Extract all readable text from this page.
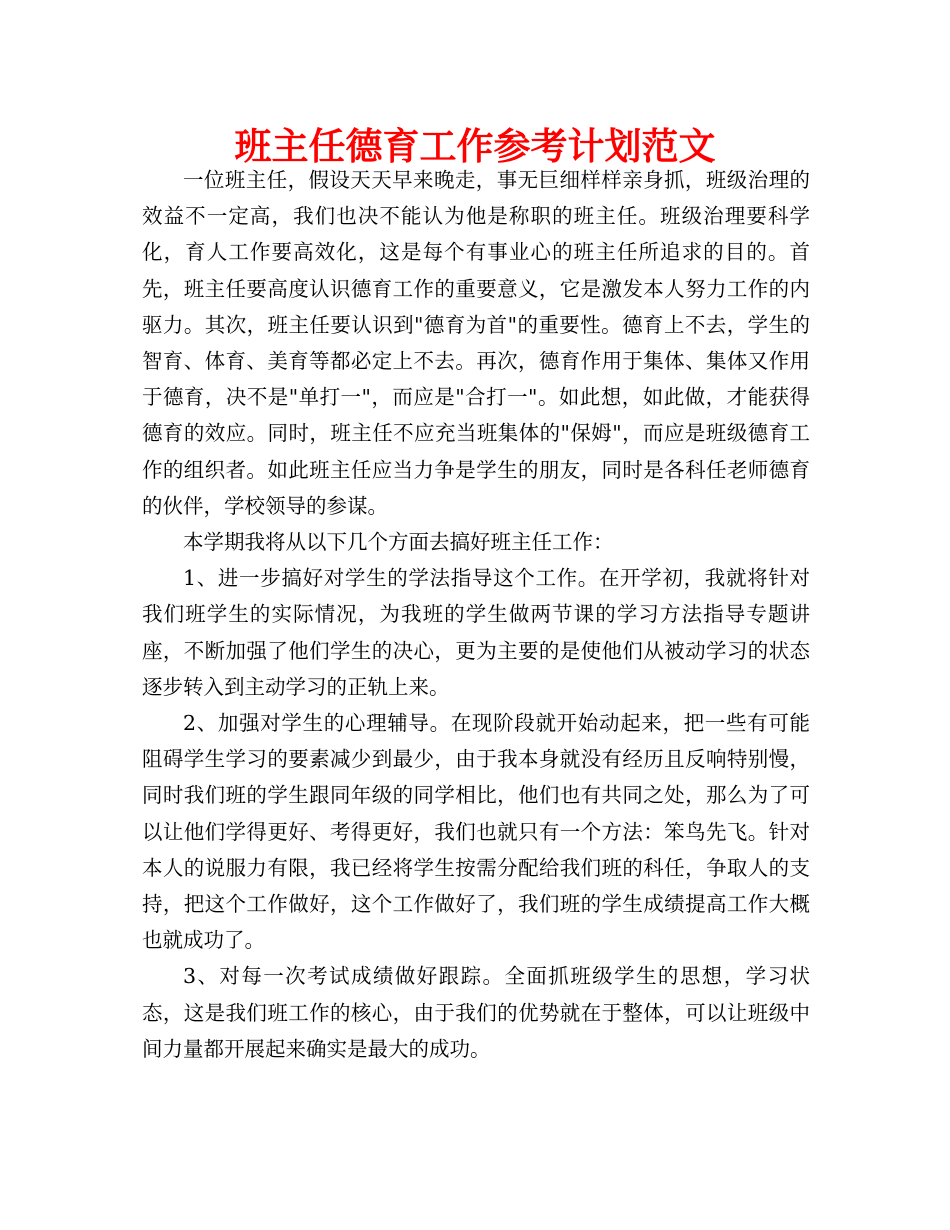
班主任德育工作参考计划范文

一位班主任，假设天天早来晚走，事无巨细样样亲身抓，班级治理的效益不一定高，我们也决不能认为他是称职的班主任。班级治理要科学化，育人工作要高效化，这是每个有事业心的班主任所追求的目的。首先，班主任要高度认识德育工作的重要意义，它是激发本人努力工作的内驱力。其次，班主任要认识到"德育为首"的重要性。德育上不去，学生的智育、体育、美育等都必定上不去。再次，德育作用于集体、集体又作用于德育，决不是"单打一"，而应是"合打一"。如此想，如此做，才能获得德育的效应。同时，班主任不应充当班集体的"保姆"，而应是班级德育工作的组织者。如此班主任应当力争是学生的朋友，同时是各科任老师德育的伙伴，学校领导的参谋。

本学期我将从以下几个方面去搞好班主任工作：

1、进一步搞好对学生的学法指导这个工作。在开学初，我就将针对我们班学生的实际情况，为我班的学生做两节课的学习方法指导专题讲座，不断加强了他们学生的决心，更为主要的是使他们从被动学习的状态逐步转入到主动学习的正轨上来。

2、加强对学生的心理辅导。在现阶段就开始动起来，把一些有可能阻碍学生学习的要素减少到最少，由于我本身就没有经历且反响特别慢，同时我们班的学生跟同年级的同学相比，他们也有共同之处，那么为了可以让他们学得更好、考得更好，我们也就只有一个方法：笨鸟先飞。针对本人的说服力有限，我已经将学生按需分配给我们班的科任，争取人的支持，把这个工作做好，这个工作做好了，我们班的学生成绩提高工作大概也就成功了。

3、对每一次考试成绩做好跟踪。全面抓班级学生的思想，学习状态，这是我们班工作的核心，由于我们的优势就在于整体，可以让班级中间力量都开展起来确实是最大的成功。
